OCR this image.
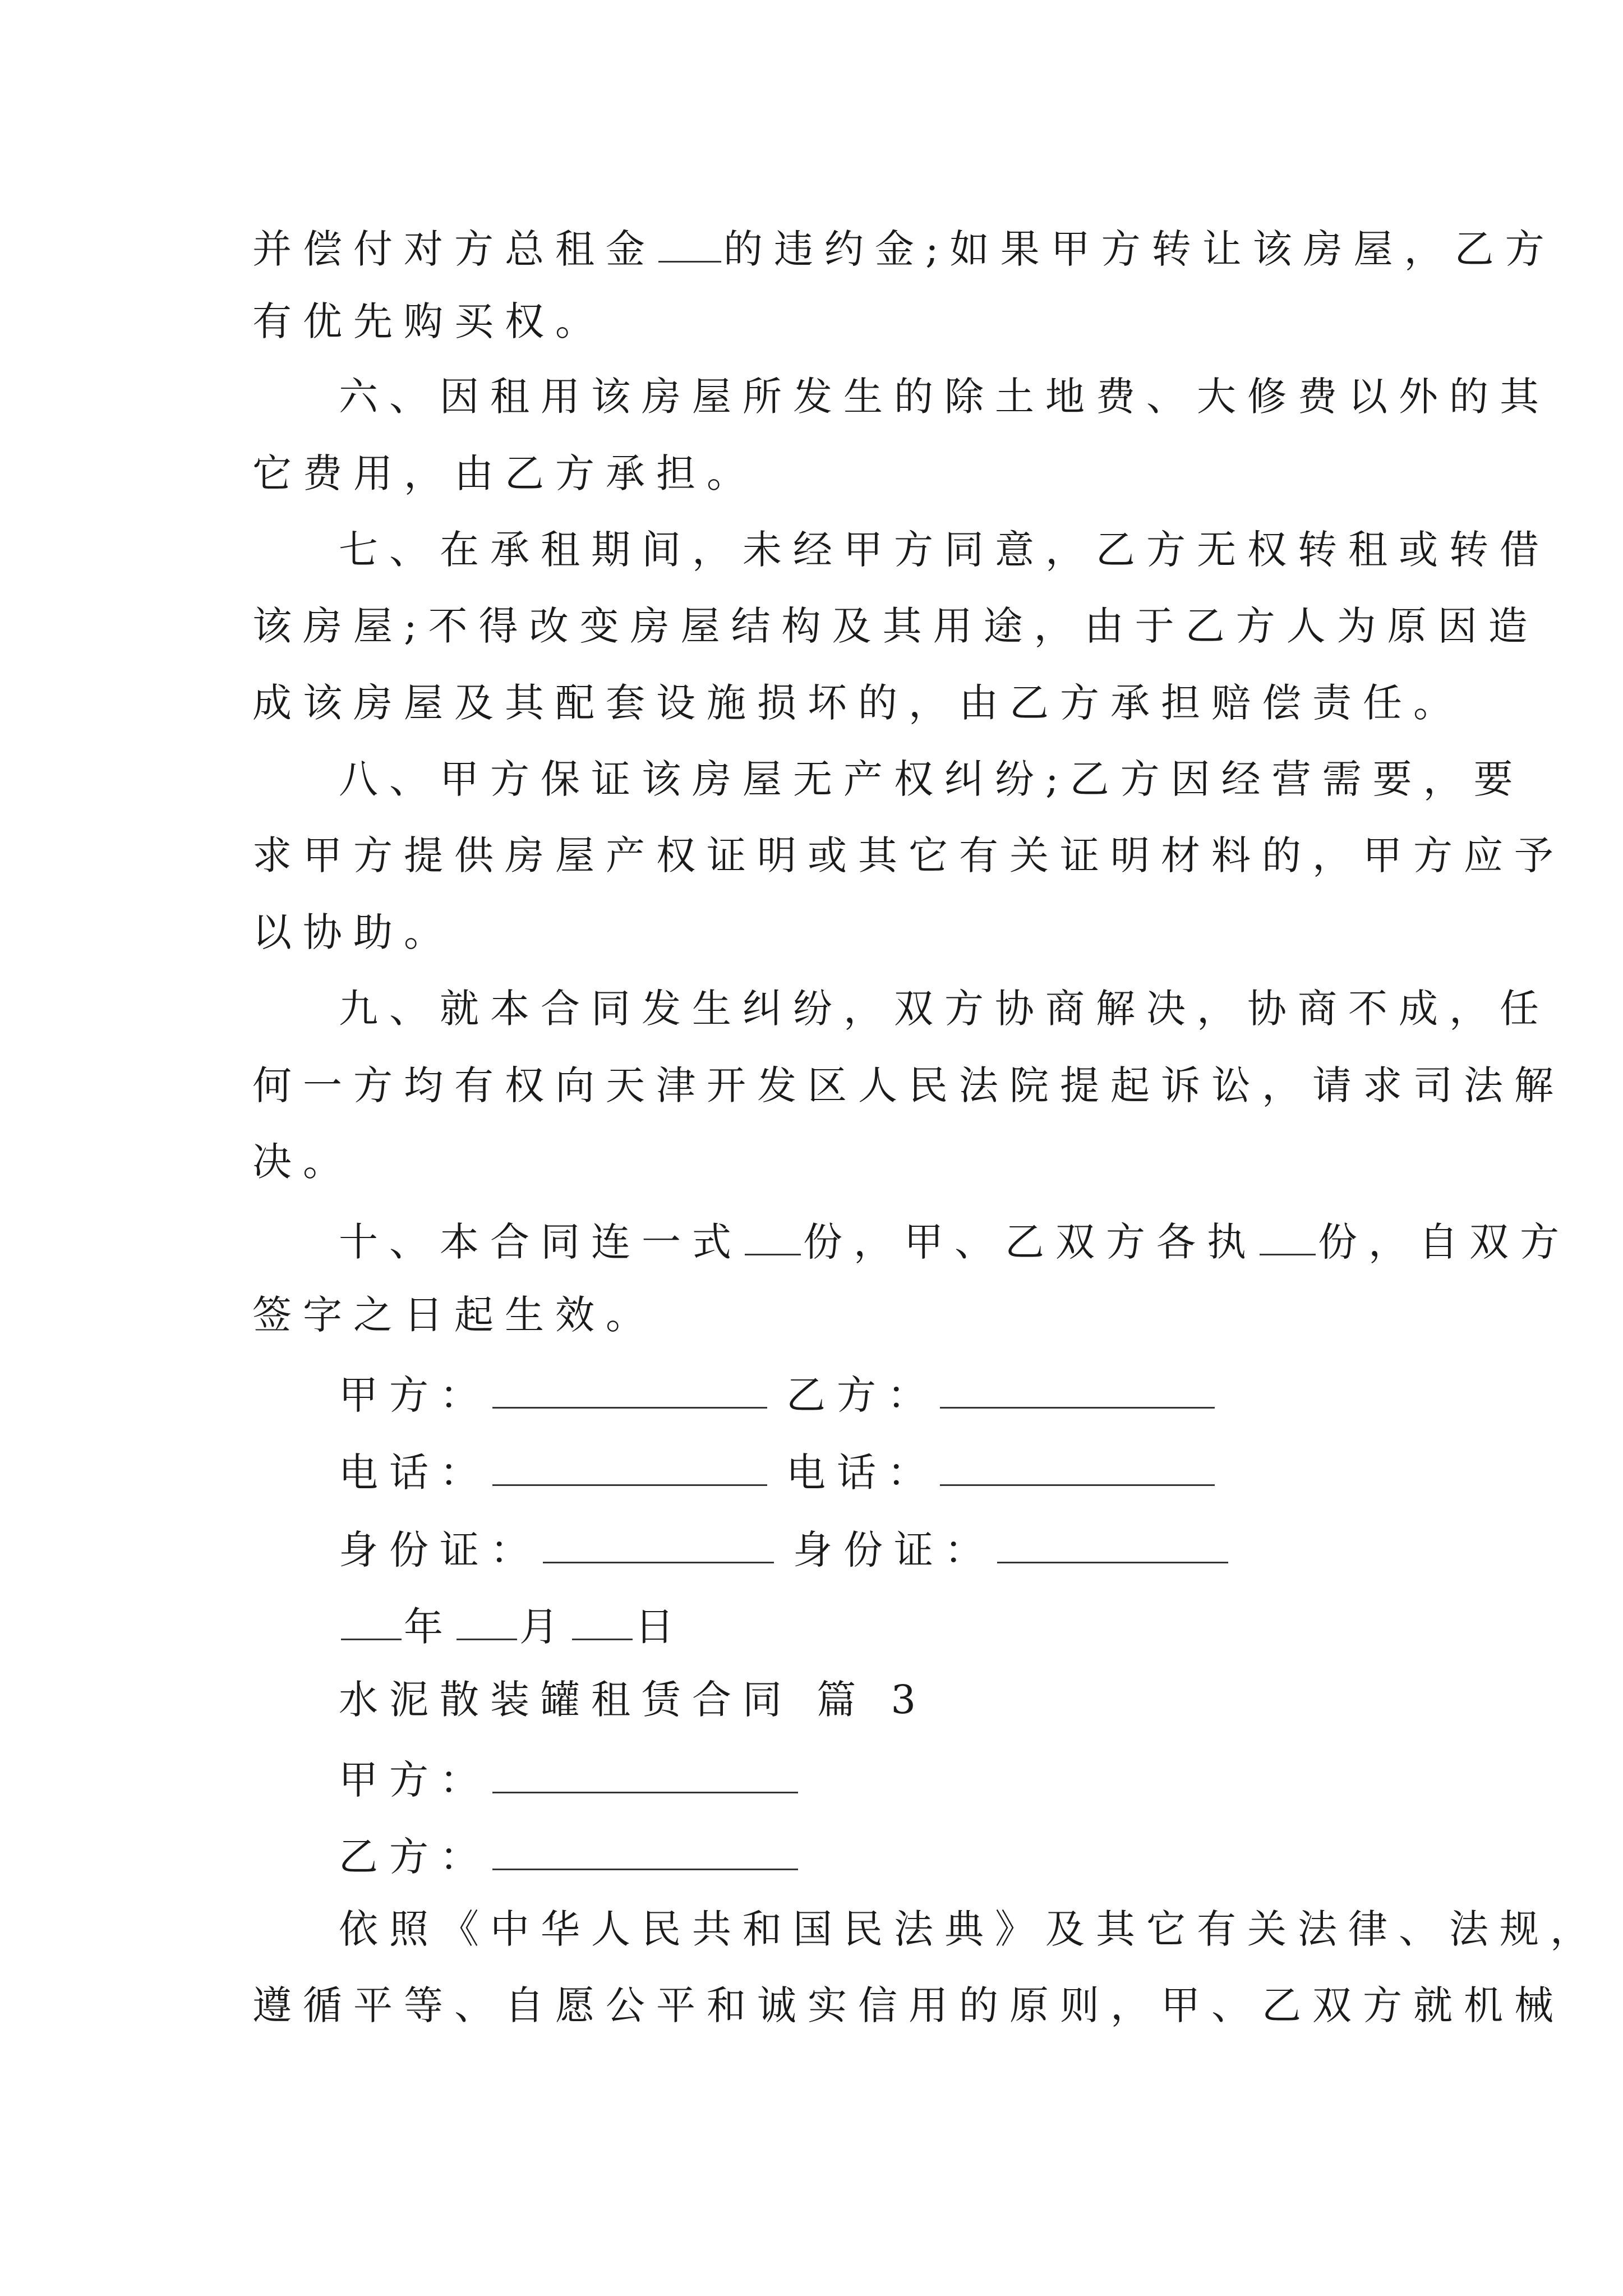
并偿付对方总租金 的违约金;如果甲方转让该房屋，乙方
有优先购买权。
六、因租用该房屋所发生的除土地费、大修费以外的其
它费用，由乙方承担。
七、在承租期间，未经甲方同意，乙方无权转租或转借
该房屋;不得改变房屋结构及其用途，由于乙方人为原因造
成该房屋及其配套设施损坏的，由乙方承担赔偿责任。
八、甲方保证该房屋无产权纠纷;乙方因经营需要，要
求甲方提供房屋产权证明或其它有关证明材料的，甲方应予
以协助。
九、就本合同发生纠纷，双方协商解决，协商不成，任
何一方均有权向天津开发区人民法院提起诉讼，请求司法解
决。
十、本合同连一式 份，甲、乙双方各执 份，自双方
签字之日起生效。
甲方：	乙方：
电话：	电话：
身份证：	身份证：
年 月 日
水泥散装罐租赁合同 篇 3
甲方：
乙方：
依照《中华人民共和国民法典》及其它有关法律、法规，
遵循平等、自愿公平和诚实信用的原则，甲、乙双方就机械
